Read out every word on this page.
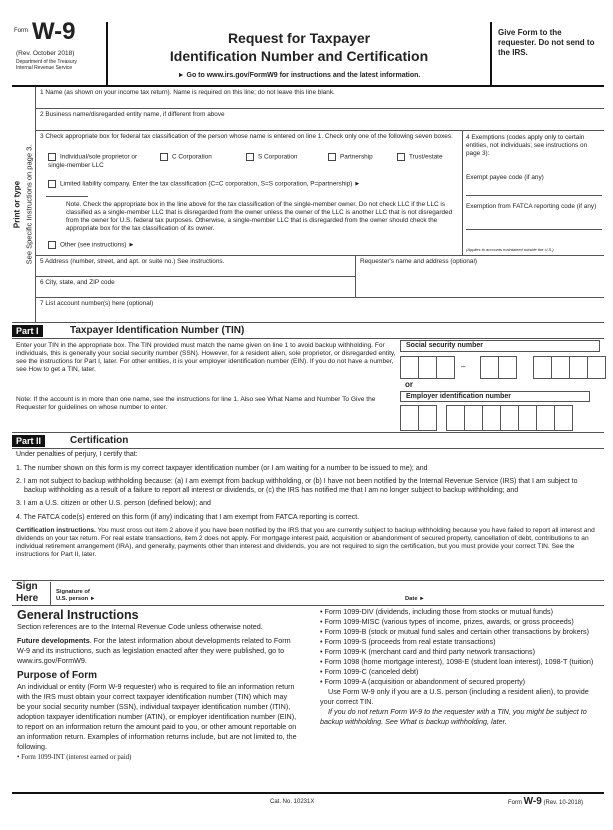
Form W-9
(Rev. October 2018)
Department of the Treasury
Internal Revenue Service
Request for Taxpayer
Identification Number and Certification
► Go to www.irs.gov/FormW9 for instructions and the latest information.
Give Form to the requester. Do not send to the IRS.
Print or type See Specific Instructions on page 3.
1 Name (as shown on your income tax return). Name is required on this line; do not leave this line blank.
2 Business name/disregarded entity name, if different from above
3 Check appropriate box for federal tax classification of the person whose name is entered on line 1. Check only one of the following seven boxes.
Individual/sole proprietor or single-member LLC
C Corporation	S Corporation	Partnership	Trust/estate
Limited liability company. Enter the tax classification (C=C corporation, S=S corporation, P=partnership) ►
Note. Check the appropriate box in the line above for the tax classification of the single-member owner. Do not check LLC if the LLC is classified as a single-member LLC that is disregarded from the owner unless the owner of the LLC is another LLC that is not disregarded from the owner for U.S. federal tax purposes. Otherwise, a single-member LLC that is disregarded from the owner should check the appropriate box for the tax classification of its owner.
Other (see instructions) ►
4 Exemptions (codes apply only to certain entities, not individuals; see instructions on page 3):
Exempt payee code (if any)
Exemption from FATCA reporting code (if any)
(Applies to accounts maintained outside the U.S.)
5 Address (number, street, and apt. or suite no.) See instructions.	Requester's name and address (optional)
6 City, state, and ZIP code
7 List account number(s) here (optional)
Part I	Taxpayer Identification Number (TIN)
Enter your TIN in the appropriate box. The TIN provided must match the name given on line 1 to avoid backup withholding. For individuals, this is generally your social security number (SSN). However, for a resident alien, sole proprietor, or disregarded entity, see the instructions for Part I, later. For other entities, it is your employer identification number (EIN). If you do not have a number, see How to get a TIN, later.
Note: If the account is in more than one name, see the instructions for line 1. Also see What Name and Number To Give the Requester for guidelines on whose number to enter.
Social security number
–
or
Employer identification number
Part II	Certification
Under penalties of perjury, I certify that:
1. The number shown on this form is my correct taxpayer identification number (or I am waiting for a number to be issued to me); and
2. I am not subject to backup withholding because: (a) I am exempt from backup withholding, or (b) I have not been notified by the Internal Revenue Service (IRS) that I am subject to backup withholding as a result of a failure to report all interest or dividends, or (c) the IRS has notified me that I am no longer subject to backup withholding; and
3. I am a U.S. citizen or other U.S. person (defined below); and
4. The FATCA code(s) entered on this form (if any) indicating that I am exempt from FATCA reporting is correct.
Certification instructions. You must cross out item 2 above if you have been notified by the IRS that you are currently subject to backup withholding because you have failed to report all interest and dividends on your tax return. For real estate transactions, item 2 does not apply. For mortgage interest paid, acquisition or abandonment of secured property, cancellation of debt, contributions to an individual retirement arrangement (IRA), and generally, payments other than interest and dividends, you are not required to sign the certification, but you must provide your correct TIN. See the instructions for Part II, later.
Sign
Here
Signature of
U.S. person ►	Date ►
General Instructions
Section references are to the Internal Revenue Code unless otherwise noted.
Future developments. For the latest information about developments related to Form W-9 and its instructions, such as legislation enacted after they were published, go to www.irs.gov/FormW9.
Purpose of Form
An individual or entity (Form W-9 requester) who is required to file an information return with the IRS must obtain your correct taxpayer identification number (TIN) which may be your social security number (SSN), individual taxpayer identification number (ITIN), adoption taxpayer identification number (ATIN), or employer identification number (EIN), to report on an information return the amount paid to you, or other amount reportable on an information return. Examples of information returns include, but are not limited to, the following.
• Form 1099-INT (interest earned or paid)
• Form 1099-DIV (dividends, including those from stocks or mutual funds)
• Form 1099-MISC (various types of income, prizes, awards, or gross proceeds)
• Form 1099-B (stock or mutual fund sales and certain other transactions by brokers)
• Form 1099-S (proceeds from real estate transactions)
• Form 1099-K (merchant card and third party network transactions)
• Form 1098 (home mortgage interest), 1098-E (student loan interest), 1098-T (tuition)
• Form 1099-C (canceled debt)
• Form 1099-A (acquisition or abandonment of secured property)
Use Form W-9 only if you are a U.S. person (including a resident alien), to provide your correct TIN.
If you do not return Form W-9 to the requester with a TIN, you might be subject to backup withholding. See What is backup withholding, later.
Cat. No. 10231X	Form W-9 (Rev. 10-2018)
